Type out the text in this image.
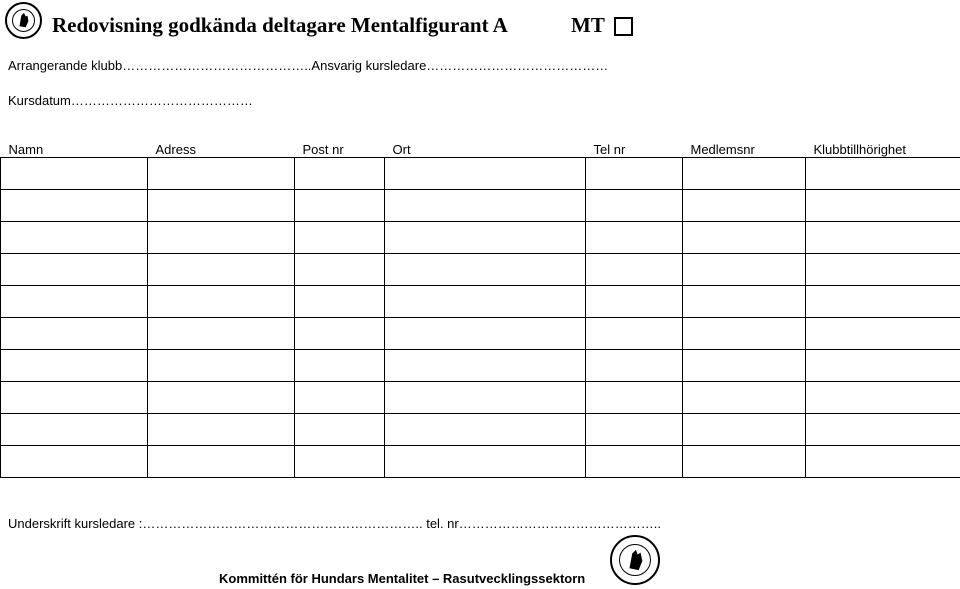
Redovisning godkända deltagare Mentalfigurant A	MT
Arrangerande klubb……………………………………..Ansvarig kursledare……………………………………
Kursdatum……………………………………
Namn	Adress	Post nr	Ort	Tel nr	Medlemsnr	Klubbtillhörighet

Underskrift kursledare :……………………………………………………….. tel. nr………………………………………..
Kommittén för Hundars Mentalitet – Rasutvecklingssektorn
